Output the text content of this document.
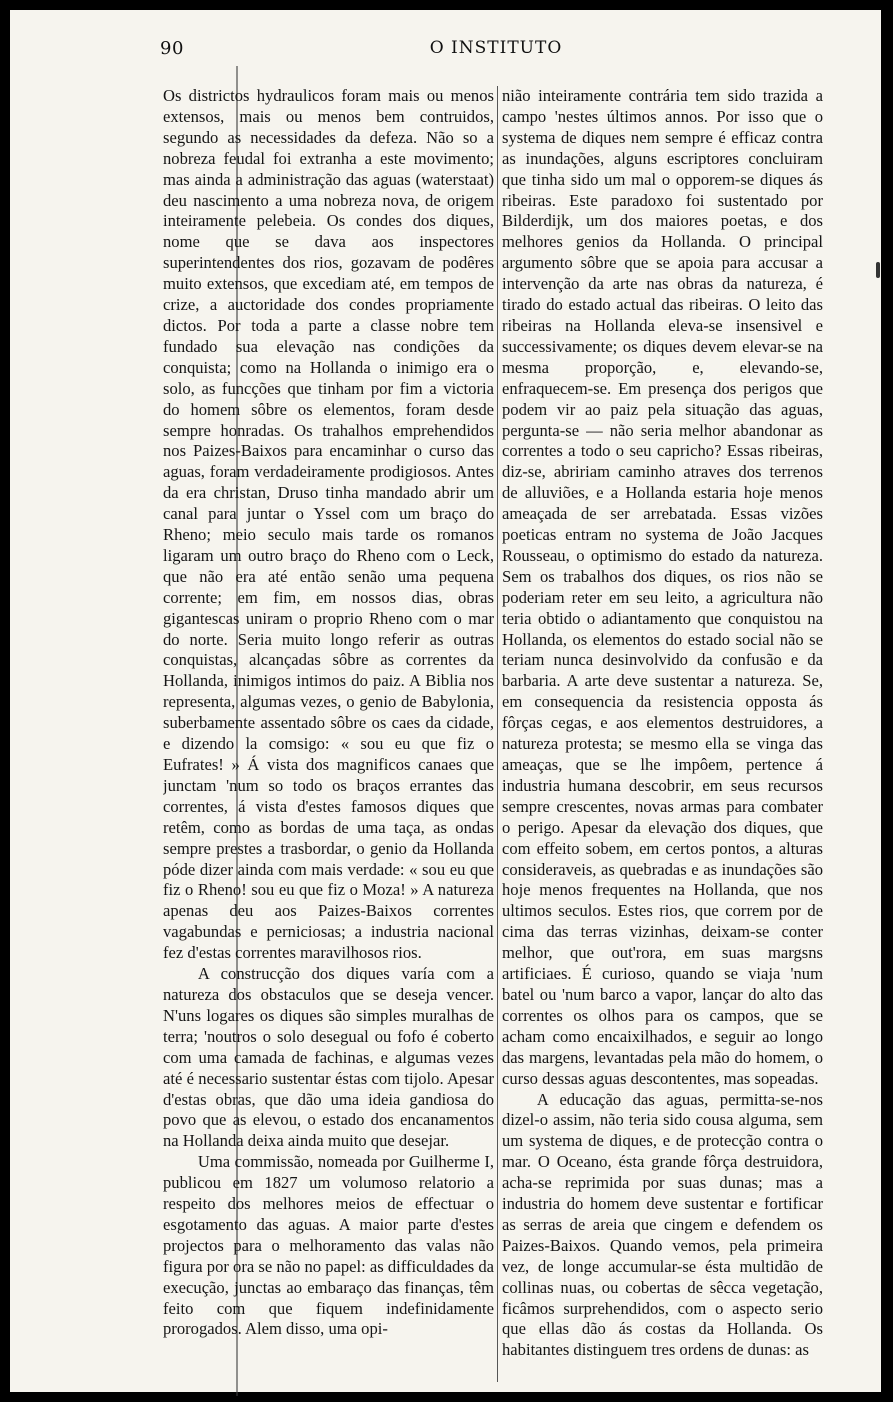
90	O INSTITUTO

Os districtos hydraulicos foram mais ou menos extensos, mais ou menos bem contruidos, segundo as necessidades da defeza. Não so a nobreza feudal foi extranha a este movimento; mas ainda a administração das aguas (waterstaat) deu nascimento a uma nobreza nova, de origem inteiramente pelebeia. Os condes dos diques, nome que se dava aos inspectores superintendentes dos rios, gozavam de podêres muito extensos, que excediam até, em tempos de crize, a auctoridade dos condes propriamente dictos. Por toda a parte a classe nobre tem fundado sua elevação nas condições da conquista; como na Hollanda o inimigo era o solo, as funcções que tinham por fim a victoria do homem sôbre os elementos, foram desde sempre honradas. Os trahalhos emprehendidos nos Paizes-Baixos para encaminhar o curso das aguas, foram verdadeiramente prodigiosos. Antes da era christan, Druso tinha mandado abrir um canal para juntar o Yssel com um braço do Rheno; meio seculo mais tarde os romanos ligaram um outro braço do Rheno com o Leck, que não era até então senão uma pequena corrente; em fim, em nossos dias, obras gigantescas uniram o proprio Rheno com o mar do norte. Seria muito longo referir as outras conquistas, alcançadas sôbre as correntes da Hollanda, inimigos intimos do paiz. A Biblia nos representa, algumas vezes, o genio de Babylonia, suberbamente assentado sôbre os caes da cidade, e dizendo la comsigo: « sou eu que fiz o Eufrates! » Á vista dos magnificos canaes que junctam 'num so todo os braços errantes das correntes, á vista d'estes famosos diques que retêm, como as bordas de uma taça, as ondas sempre prestes a trasbordar, o genio da Hollanda póde dizer ainda com mais verdade: « sou eu que fiz o Rheno! sou eu que fiz o Moza! » A natureza apenas deu aos Paizes-Baixos correntes vagabundas e perniciosas; a industria nacional fez d'estas correntes maravilhosos rios.

A construcção dos diques varía com a natureza dos obstaculos que se deseja vencer. N'uns logares os diques são simples muralhas de terra; 'noutros o solo desegual ou fofo é coberto com uma camada de fachinas, e algumas vezes até é necessario sustentar éstas com tijolo. Apesar d'estas obras, que dão uma ideia gandiosa do povo que as elevou, o estado dos encanamentos na Hollanda deixa ainda muito que desejar.

Uma commissão, nomeada por Guilherme I, publicou em 1827 um volumoso relatorio a respeito dos melhores meios de effectuar o esgotamento das aguas. A maior parte d'estes projectos para o melhoramento das valas não figura por ora se não no papel: as difficuldades da execução, junctas ao embaraço das finanças, têm feito com que fiquem indefinidamente prorogados. Alem disso, uma opi-

nião inteiramente contrária tem sido trazida a campo 'nestes últimos annos. Por isso que o systema de diques nem sempre é efficaz contra as inundações, alguns escriptores concluiram que tinha sido um mal o opporem-se diques ás ribeiras. Este paradoxo foi sustentado por Bilderdijk, um dos maiores poetas, e dos melhores genios da Hollanda. O principal argumento sôbre que se apoia para accusar a intervenção da arte nas obras da natureza, é tirado do estado actual das ribeiras. O leito das ribeiras na Hollanda eleva-se insensivel e successivamente; os diques devem elevar-se na mesma proporção, e, elevando-se, enfraquecem-se. Em presença dos perigos que podem vir ao paiz pela situação das aguas, pergunta-se — não seria melhor abandonar as correntes a todo o seu capricho? Essas ribeiras, diz-se, abririam caminho atraves dos terrenos de alluviões, e a Hollanda estaria hoje menos ameaçada de ser arrebatada. Essas vizões poeticas entram no systema de João Jacques Rousseau, o optimismo do estado da natureza. Sem os trabalhos dos diques, os rios não se poderiam reter em seu leito, a agricultura não teria obtido o adiantamento que conquistou na Hollanda, os elementos do estado social não se teriam nunca desinvolvido da confusão e da barbaria. A arte deve sustentar a natureza. Se, em consequencia da resistencia opposta ás fôrças cegas, e aos elementos destruidores, a natureza protesta; se mesmo ella se vinga das ameaças, que se lhe impôem, pertence á industria humana descobrir, em seus recursos sempre crescentes, novas armas para combater o perigo. Apesar da elevação dos diques, que com effeito sobem, em certos pontos, a alturas consideraveis, as quebradas e as inundações são hoje menos frequentes na Hollanda, que nos ultimos seculos. Estes rios, que correm por de cima das terras vizinhas, deixam-se conter melhor, que out'rora, em suas margsns artificiaes. É curioso, quando se viaja 'num batel ou 'num barco a vapor, lançar do alto das correntes os olhos para os campos, que se acham como encaixilhados, e seguir ao longo das margens, levantadas pela mão do homem, o curso dessas aguas descontentes, mas sopeadas.

A educação das aguas, permitta-se-nos dizel-o assim, não teria sido cousa alguma, sem um systema de diques, e de protecção contra o mar. O Oceano, ésta grande fôrça destruidora, acha-se reprimida por suas dunas; mas a industria do homem deve sustentar e fortificar as serras de areia que cingem e defendem os Paizes-Baixos. Quando vemos, pela primeira vez, de longe accumular-se ésta multidão de collinas nuas, ou cobertas de sêcca vegetação, ficâmos surprehendidos, com o aspecto serio que ellas dão ás costas da Hollanda. Os habitantes distinguem tres ordens de dunas: as
